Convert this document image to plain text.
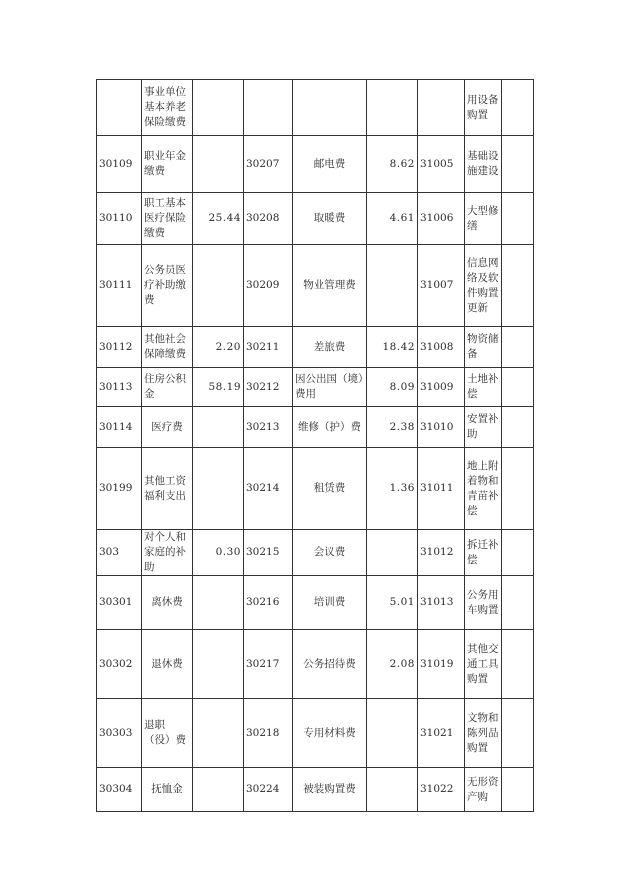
	事业单位基本养老保险缴费						用设备购置	
30109	职业年金缴费		30207	邮电费	8.62	31005	基础设施建设	
30110	职工基本医疗保险缴费	25.44	30208	取暖费	4.61	31006	大型修缮	
30111	公务员医疗补助缴费		30209	物业管理费		31007	信息网络及软件购置更新	
30112	其他社会保障缴费	2.20	30211	差旅费	18.42	31008	物资储备	
30113	住房公积金	58.19	30212	因公出国（境）费用	8.09	31009	土地补偿	
30114	医疗费		30213	维修（护）费	2.38	31010	安置补助	
30199	其他工资福利支出		30214	租赁费	1.36	31011	地上附着物和青苗补偿	
303	对个人和家庭的补助	0.30	30215	会议费		31012	拆迁补偿	
30301	离休费		30216	培训费	5.01	31013	公务用车购置	
30302	退休费		30217	公务招待费	2.08	31019	其他交通工具购置	
30303	退职（役）费		30218	专用材料费		31021	文物和陈列品购置	
30304	抚恤金		30224	被装购置费		31022	无形资产购	
